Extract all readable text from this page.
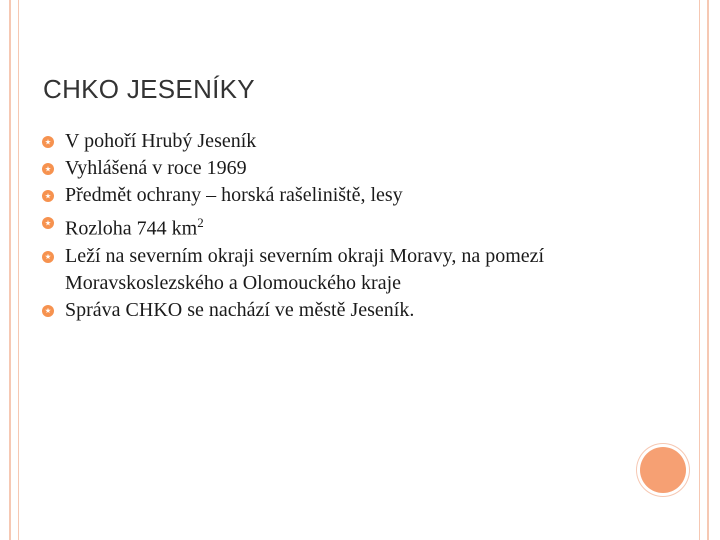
CHKO JESENÍKY
V pohoří Hrubý Jeseník
Vyhlášená v roce 1969
Předmět ochrany – horská rašeliniště, lesy
Rozloha 744 $km^2$
Leží na severním okraji severním okraji Moravy, na pomezí Moravskoslezského a Olomouckého kraje
Správa CHKO se nachází ve městě Jeseník.
